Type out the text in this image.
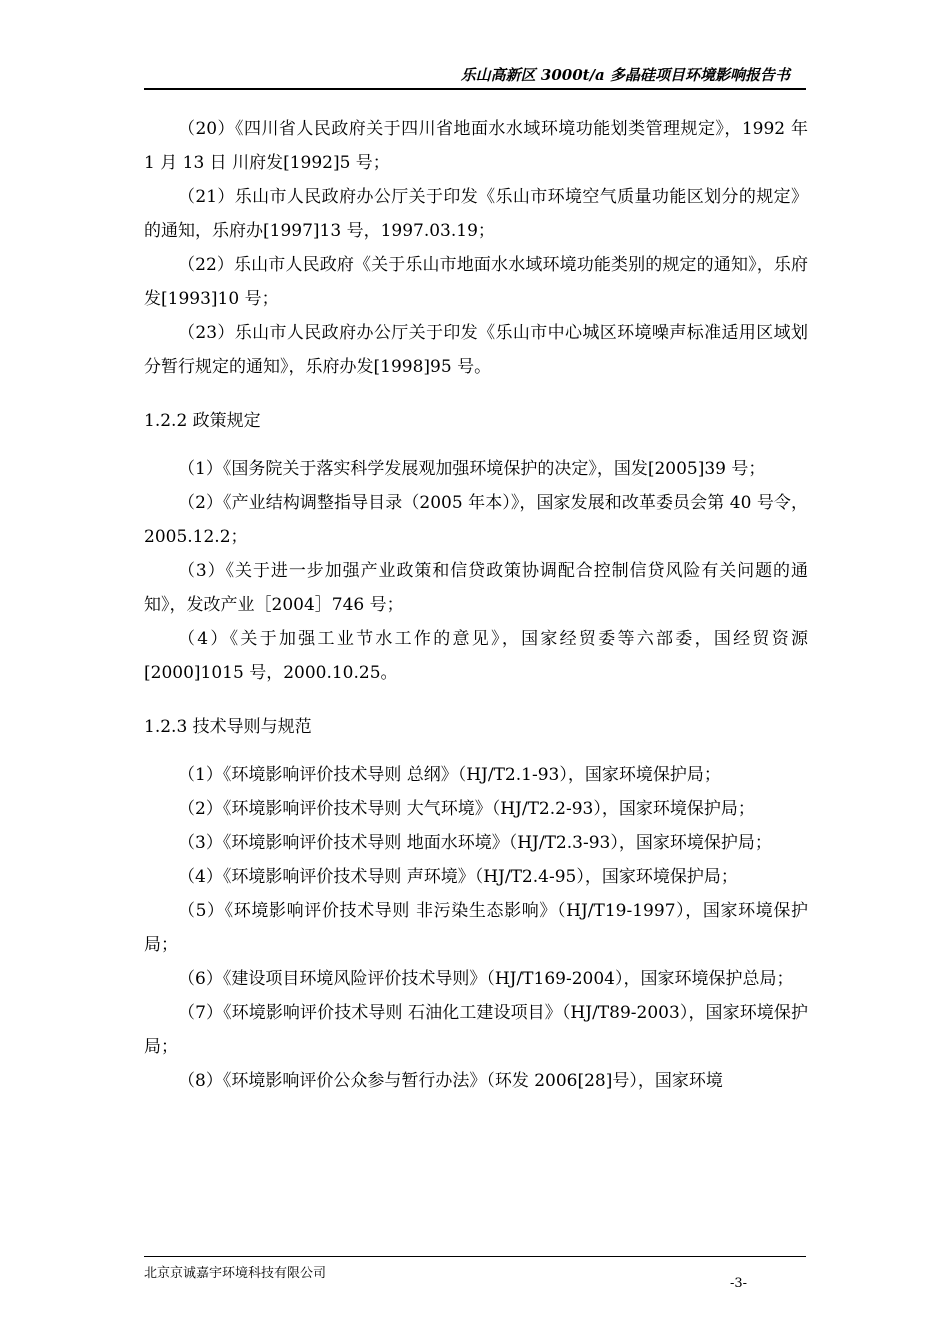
乐山高新区 3000t/a 多晶硅项目环境影响报告书

（20）《四川省人民政府关于四川省地面水水域环境功能划类管理规定》，1992 年 1 月 13 日 川府发[1992]5 号；

（21）乐山市人民政府办公厅关于印发《乐山市环境空气质量功能区划分的规定》的通知，乐府办[1997]13 号，1997.03.19；

（22）乐山市人民政府《关于乐山市地面水水域环境功能类别的规定的通知》，乐府发[1993]10 号；

（23）乐山市人民政府办公厅关于印发《乐山市中心城区环境噪声标准适用区域划分暂行规定的通知》，乐府办发[1998]95 号。

1.2.2 政策规定

（1）《国务院关于落实科学发展观加强环境保护的决定》，国发[2005]39 号；

（2）《产业结构调整指导目录（2005 年本）》，国家发展和改革委员会第 40 号令，2005.12.2；

（3）《关于进一步加强产业政策和信贷政策协调配合控制信贷风险有关问题的通知》，发改产业［2004］746 号；

（4）《关于加强工业节水工作的意见》，国家经贸委等六部委，国经贸资源[2000]1015 号，2000.10.25。

1.2.3 技术导则与规范

（1）《环境影响评价技术导则 总纲》（HJ/T2.1-93），国家环境保护局；

（2）《环境影响评价技术导则 大气环境》（HJ/T2.2-93），国家环境保护局；

（3）《环境影响评价技术导则 地面水环境》（HJ/T2.3-93），国家环境保护局；

（4）《环境影响评价技术导则 声环境》（HJ/T2.4-95），国家环境保护局；

（5）《环境影响评价技术导则 非污染生态影响》（HJ/T19-1997），国家环境保护局；

（6）《建设项目环境风险评价技术导则》（HJ/T169-2004），国家环境保护总局；

（7）《环境影响评价技术导则 石油化工建设项目》（HJ/T89-2003），国家环境保护局；

（8）《环境影响评价公众参与暂行办法》（环发 2006[28]号），国家环境

北京京诚嘉宇环境科技有限公司
-3-
